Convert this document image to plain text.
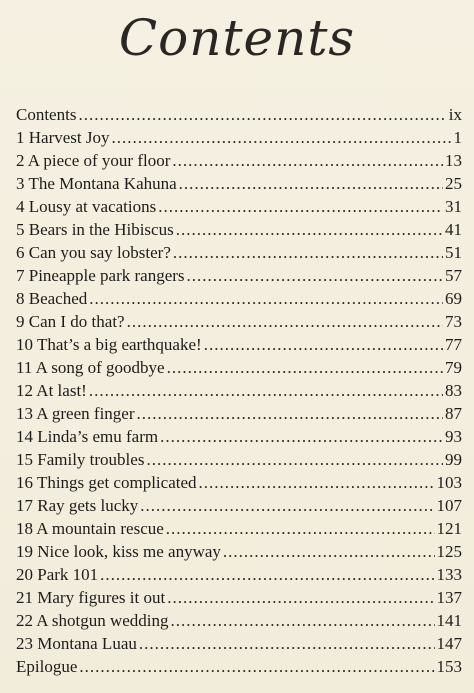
Contents
Contents .....	ix
1 Harvest Joy .....	1
2 A piece of your floor .....	13
3 The Montana Kahuna .....	25
4 Lousy at vacations .....	31
5 Bears in the Hibiscus .....	41
6 Can you say lobster? .....	51
7 Pineapple park rangers .....	57
8 Beached .....	69
9 Can I do that? .....	73
10 That’s a big earthquake! .....	77
11 A song of goodbye .....	79
12 At last! .....	83
13 A green finger .....	87
14 Linda’s emu farm .....	93
15 Family troubles .....	99
16 Things get complicated .....	103
17 Ray gets lucky .....	107
18 A mountain rescue .....	121
19 Nice look, kiss me anyway .....	125
20 Park 101 .....	133
21 Mary figures it out .....	137
22 A shotgun wedding .....	141
23 Montana Luau .....	147
Epilogue .....	153
